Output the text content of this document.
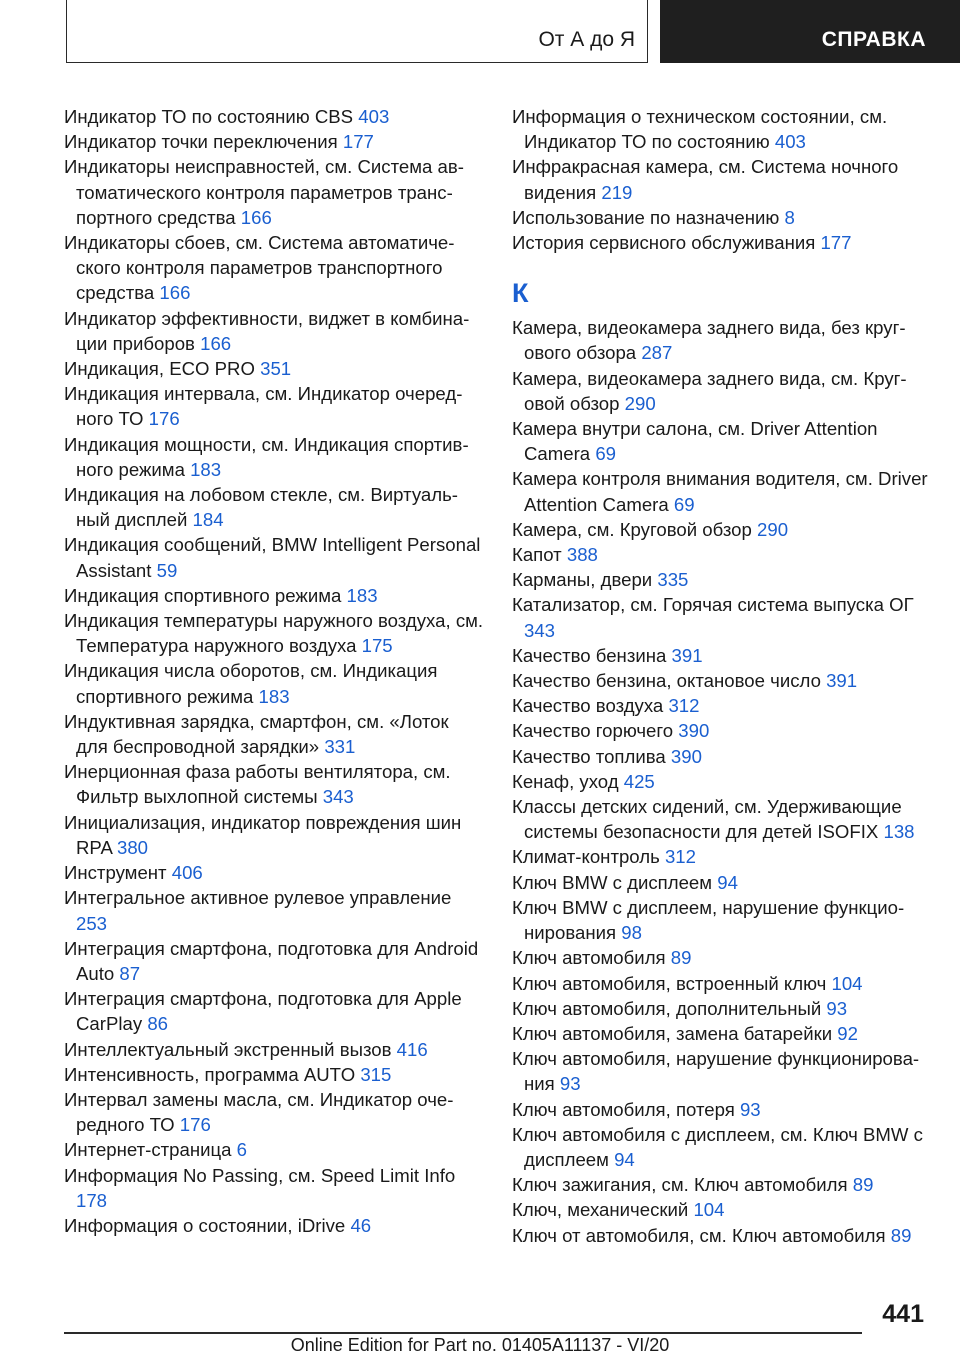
От А до Я	СПРАВКА
Индикатор ТО по состоянию CBS 403
Индикатор точки переключения 177
Индикаторы неисправностей, см. Система автоматического контроля параметров транспортного средства 166
Индикаторы сбоев, см. Система автоматического контроля параметров транспортного средства 166
Индикатор эффективности, виджет в комбинации приборов 166
Индикация, ECO PRO 351
Индикация интервала, см. Индикатор очередного ТО 176
Индикация мощности, см. Индикация спортивного режима 183
Индикация на лобовом стекле, см. Виртуальный дисплей 184
Индикация сообщений, BMW Intelligent Personal Assistant 59
Индикация спортивного режима 183
Индикация температуры наружного воздуха, см. Температура наружного воздуха 175
Индикация числа оборотов, см. Индикация спортивного режима 183
Индуктивная зарядка, смартфон, см. «Лоток для беспроводной зарядки» 331
Инерционная фаза работы вентилятора, см. Фильтр выхлопной системы 343
Инициализация, индикатор повреждения шин RPA 380
Инструмент 406
Интегральное активное рулевое управление 253
Интеграция смартфона, подготовка для Android Auto 87
Интеграция смартфона, подготовка для Apple CarPlay 86
Интеллектуальный экстренный вызов 416
Интенсивность, программа AUTO 315
Интервал замены масла, см. Индикатор очередного ТО 176
Интернет-страница 6
Информация No Passing, см. Speed Limit Info 178
Информация о состоянии, iDrive 46
Информация о техническом состоянии, см. Индикатор ТО по состоянию 403
Инфракрасная камера, см. Система ночного видения 219
Использование по назначению 8
История сервисного обслуживания 177
К
Камера, видеокамера заднего вида, без кругового обзора 287
Камера, видеокамера заднего вида, см. Круговой обзор 290
Камера внутри салона, см. Driver Attention Camera 69
Камера контроля внимания водителя, см. Driver Attention Camera 69
Камера, см. Круговой обзор 290
Капот 388
Карманы, двери 335
Катализатор, см. Горячая система выпуска ОГ 343
Качество бензина 391
Качество бензина, октановое число 391
Качество воздуха 312
Качество горючего 390
Качество топлива 390
Кенаф, уход 425
Классы детских сидений, см. Удерживающие системы безопасности для детей ISOFIX 138
Климат-контроль 312
Ключ BMW с дисплеем 94
Ключ BMW с дисплеем, нарушение функционирования 98
Ключ автомобиля 89
Ключ автомобиля, встроенный ключ 104
Ключ автомобиля, дополнительный 93
Ключ автомобиля, замена батарейки 92
Ключ автомобиля, нарушение функционирования 93
Ключ автомобиля, потеря 93
Ключ автомобиля с дисплеем, см. Ключ BMW с дисплеем 94
Ключ зажигания, см. Ключ автомобиля 89
Ключ, механический 104
Ключ от автомобиля, см. Ключ автомобиля 89
441
Online Edition for Part no. 01405A11137 - VI/20
